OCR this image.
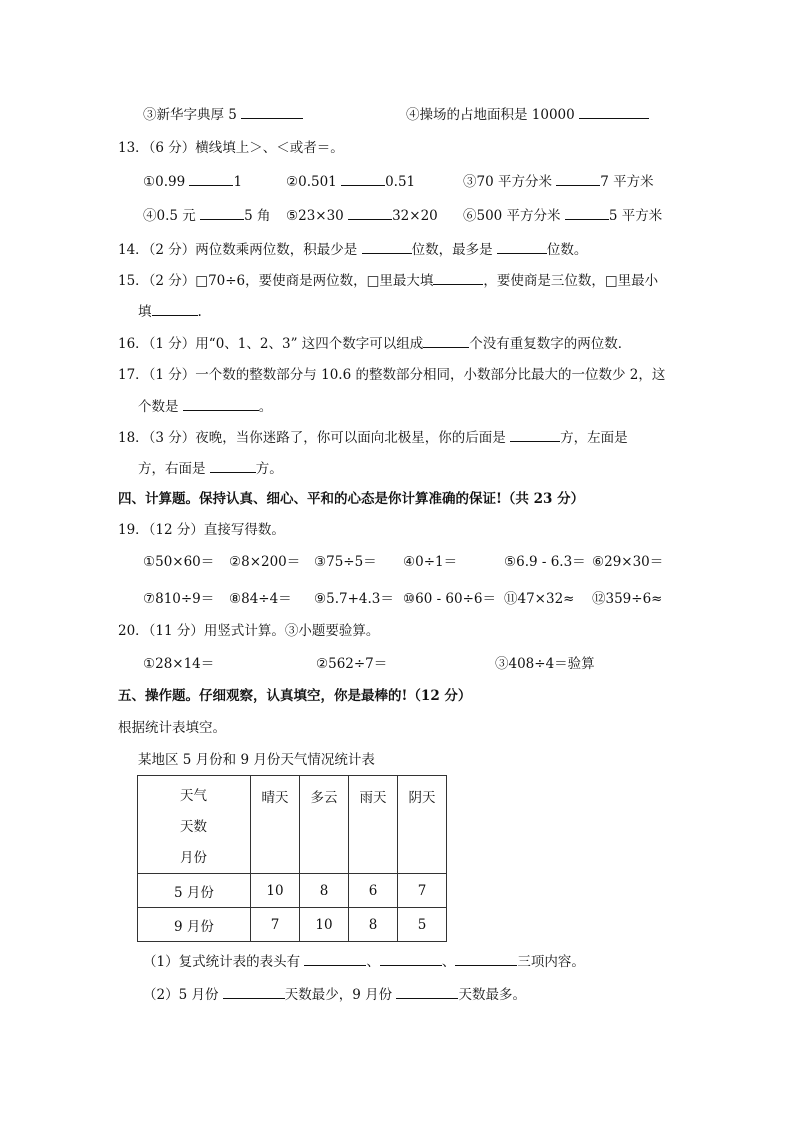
③新华字典厚 5	④操场的占地面积是 10000
13．（6 分）横线填上＞、＜或者＝。
①0.99	1	②0.501	0.51	③70 平方分米	7 平方米
④0.5 元	5 角 ⑤23×30	32×20 ⑥500 平方分米	5 平方米
14．（2 分）两位数乘两位数，积最少是	位数，最多是	位数。
15．（2 分）□70÷6，要使商是两位数，□里最大填	，要使商是三位数，□里最小
填	.
16．（1 分）用“0、1、2、3” 这四个数字可以组成	个没有重复数字的两位数．
17．（1 分）一个数的整数部分与 10.6 的整数部分相同，小数部分比最大的一位数少 2，这
个数是	。
18．（3 分）夜晚，当你迷路了，你可以面向北极星，你的后面是	方，左面是
方，右面是	方。
四、计算题。保持认真、细心、平和的心态是你计算准确的保证!（共 23 分）
19．（12 分）直接写得数。
①50×60＝ ②8×200＝ ③75÷5＝ ④0÷1＝	⑤6.9 - 6.3＝ ⑥29×30＝
⑦810÷9＝ ⑧84÷4＝ ⑨5.7+4.3＝ ⑩60 - 60÷6＝ ⑪47×32≈ ⑫359÷6≈
20．（11 分）用竖式计算。③小题要验算。
①28×14＝	②562÷7＝	③408÷4＝验算
五、操作题。仔细观察，认真填空，你是最棒的!（12 分）
根据统计表填空。
某地区 5 月份和 9 月份天气情况统计表
天气
天数
月份	晴天	多云	雨天	阴天
5 月份	10	8	6	7
9 月份	7	10	8	5
（1）复式统计表的表头有	、	、	三项内容。
（2）5 月份	天数最少，9 月份	天数最多。
